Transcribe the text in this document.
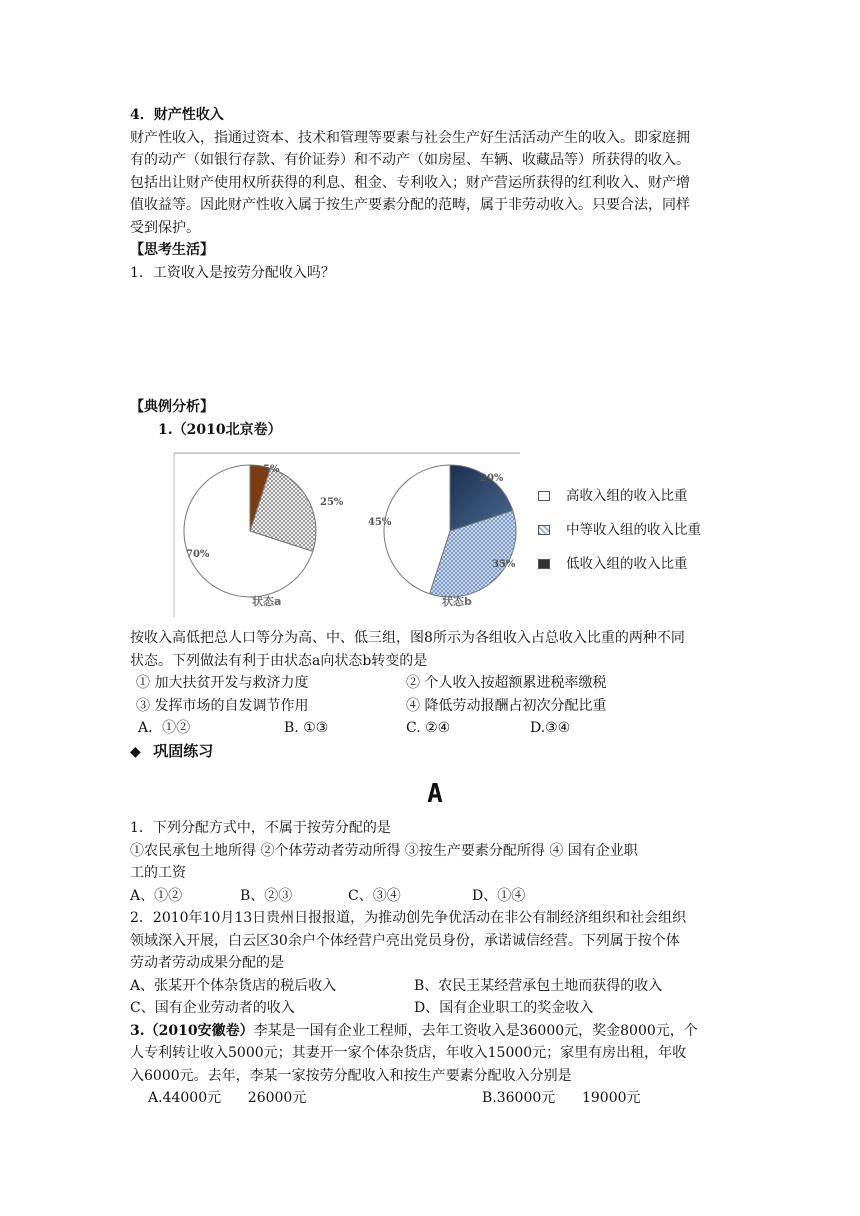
4．财产性收入
财产性收入，指通过资本、技术和管理等要素与社会生产好生活活动产生的收入。即家庭拥
有的动产（如银行存款、有价证券）和不动产（如房屋、车辆、收藏品等）所获得的收入。
包括出让财产使用权所获得的利息、租金、专利收入；财产营运所获得的红利收入、财产增
值收益等。因此财产性收入属于按生产要素分配的范畴，属于非劳动收入。只要合法，同样
受到保护。
【思考生活】
1．工资收入是按劳分配收入吗？
【典例分析】
1.（2010北京卷）
状态a	状态b
5%
25%
70%
20%
35%
45%
高收入组的收入比重
中等收入组的收入比重
低收入组的收入比重
按收入高低把总人口等分为高、中、低三组，图8所示为各组收入占总收入比重的两种不同
状态。下列做法有利于由状态a向状态b转变的是
① 加大扶贫开发与救济力度	② 个人收入按超额累进税率缴税
③ 发挥市场的自发调节作用	④ 降低劳动报酬占初次分配比重
A．①②	B. ①③	C. ②④	D.③④
◆ 巩固练习
A
1．下列分配方式中，不属于按劳分配的是
①农民承包土地所得 ②个体劳动者劳动所得 ③按生产要素分配所得 ④ 国有企业职
工的工资
A、①②	B、②③	C、③④	D、①④
2．2010年10月13日贵州日报报道，为推动创先争优活动在非公有制经济组织和社会组织
领域深入开展，白云区30余户个体经营户亮出党员身份，承诺诚信经营。下列属于按个体
劳动者劳动成果分配的是
A、张某开个体杂货店的税后收入	B、农民王某经营承包土地而获得的收入
C、国有企业劳动者的收入	D、国有企业职工的奖金收入
3.（2010安徽卷）李某是一国有企业工程师，去年工资收入是36000元，奖金8000元，个
人专利转让收入5000元；其妻开一家个体杂货店，年收入15000元；家里有房出租，年收
入6000元。去年，李某一家按劳分配收入和按生产要素分配收入分别是
A.44000元      26000元	B.36000元      19000元
